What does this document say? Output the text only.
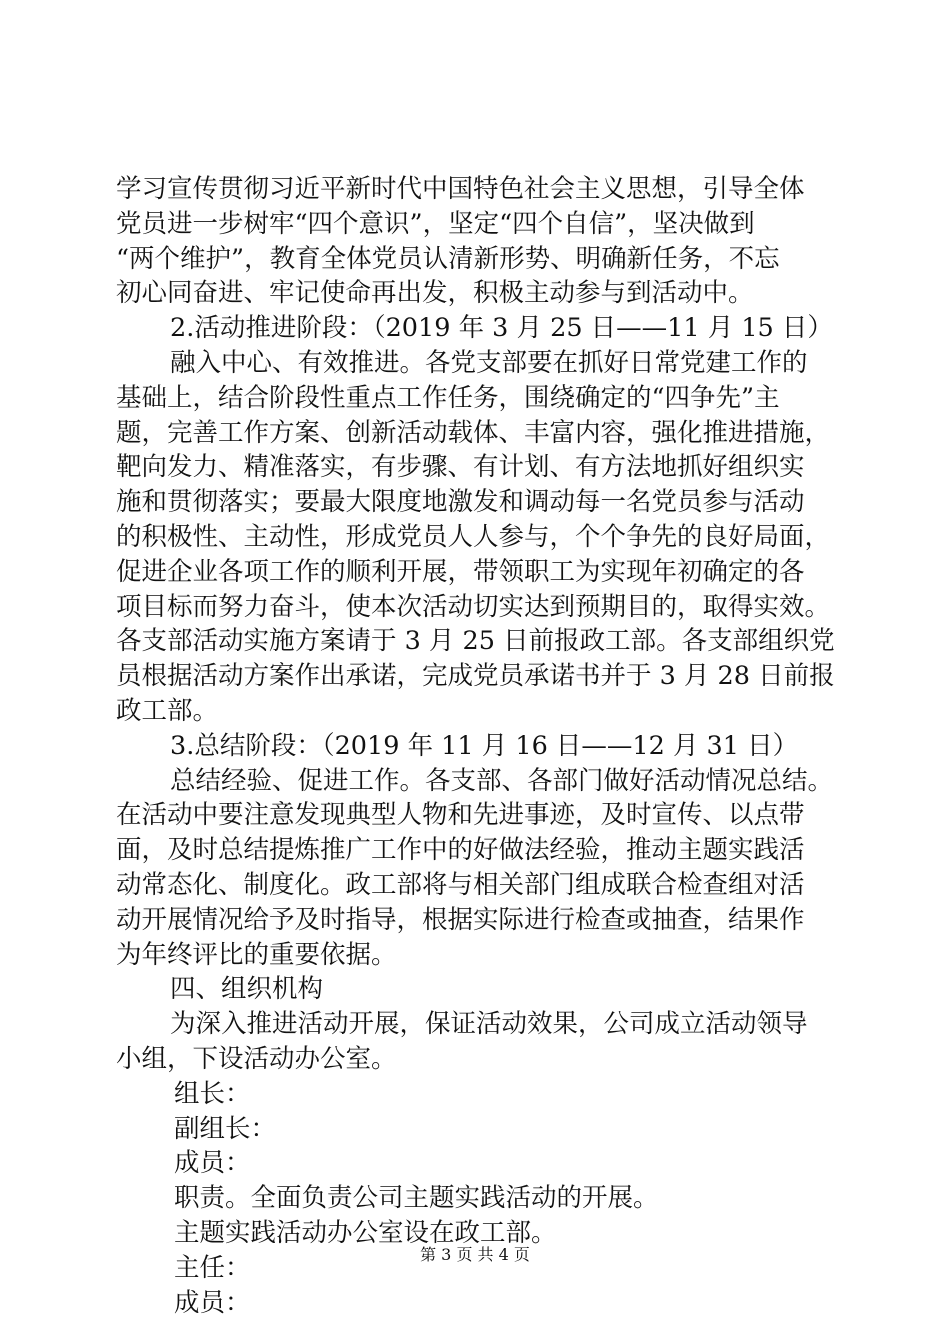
学习宣传贯彻习近平新时代中国特色社会主义思想，引导全体
党员进一步树牢“四个意识”，坚定“四个自信”，坚决做到
“两个维护”，教育全体党员认清新形势、明确新任务，不忘
初心同奋进、牢记使命再出发，积极主动参与到活动中。
2.活动推进阶段：（2019 年 3 月 25 日——11 月 15 日）
融入中心、有效推进。各党支部要在抓好日常党建工作的
基础上，结合阶段性重点工作任务，围绕确定的“四争先”主
题，完善工作方案、创新活动载体、丰富内容，强化推进措施，
靶向发力、精准落实，有步骤、有计划、有方法地抓好组织实
施和贯彻落实；要最大限度地激发和调动每一名党员参与活动
的积极性、主动性，形成党员人人参与，个个争先的良好局面，
促进企业各项工作的顺利开展，带领职工为实现年初确定的各
项目标而努力奋斗，使本次活动切实达到预期目的，取得实效。
各支部活动实施方案请于 3 月 25 日前报政工部。各支部组织党
员根据活动方案作出承诺，完成党员承诺书并于 3 月 28 日前报
政工部。
3.总结阶段：（2019 年 11 月 16 日——12 月 31 日）
总结经验、促进工作。各支部、各部门做好活动情况总结。
在活动中要注意发现典型人物和先进事迹，及时宣传、以点带
面，及时总结提炼推广工作中的好做法经验，推动主题实践活
动常态化、制度化。政工部将与相关部门组成联合检查组对活
动开展情况给予及时指导，根据实际进行检查或抽查，结果作
为年终评比的重要依据。
四、组织机构
为深入推进活动开展，保证活动效果，公司成立活动领导
小组，下设活动办公室。
组长：
副组长：
成员：
职责。全面负责公司主题实践活动的开展。
主题实践活动办公室设在政工部。
主任：
成员：
第 3 页 共 4 页
